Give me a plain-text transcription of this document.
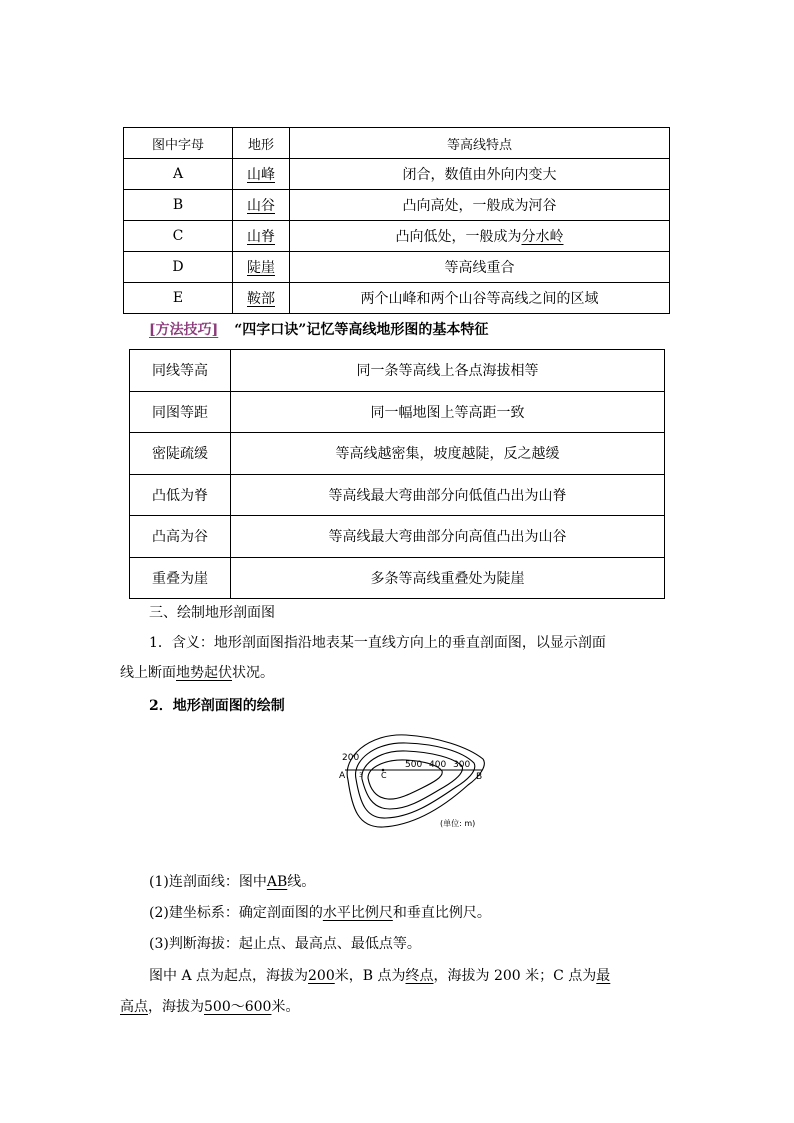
图中字母	地形	等高线特点
A	山峰	闭合，数值由外向内变大
B	山谷	凸向高处，一般成为河谷
C	山脊	凸向低处，一般成为分水岭
D	陡崖	等高线重合
E	鞍部	两个山峰和两个山谷等高线之间的区域
[方法技巧] “四字口诀”记忆等高线地形图的基本特征
同线等高	同一条等高线上各点海拔相等
同图等距	同一幅地图上等高距一致
密陡疏缓	等高线越密集，坡度越陡，反之越缓
凸低为脊	等高线最大弯曲部分向低值凸出为山脊
凸高为谷	等高线最大弯曲部分向高值凸出为山谷
重叠为崖	多条等高线重叠处为陡崖
三、绘制地形剖面图
1．含义：地形剖面图指沿地表某一直线方向上的垂直剖面图，以显示剖面
线上断面地势起伏状况。
2．地形剖面图的绘制
200
500 400 300
A	B
C
3
(单位: m)
(1)连剖面线：图中AB线。
(2)建坐标系：确定剖面图的水平比例尺和垂直比例尺。
(3)判断海拔：起止点、最高点、最低点等。
图中 A 点为起点，海拔为200米，B 点为终点，海拔为 200 米；C 点为最
高点，海拔为500～600米。
